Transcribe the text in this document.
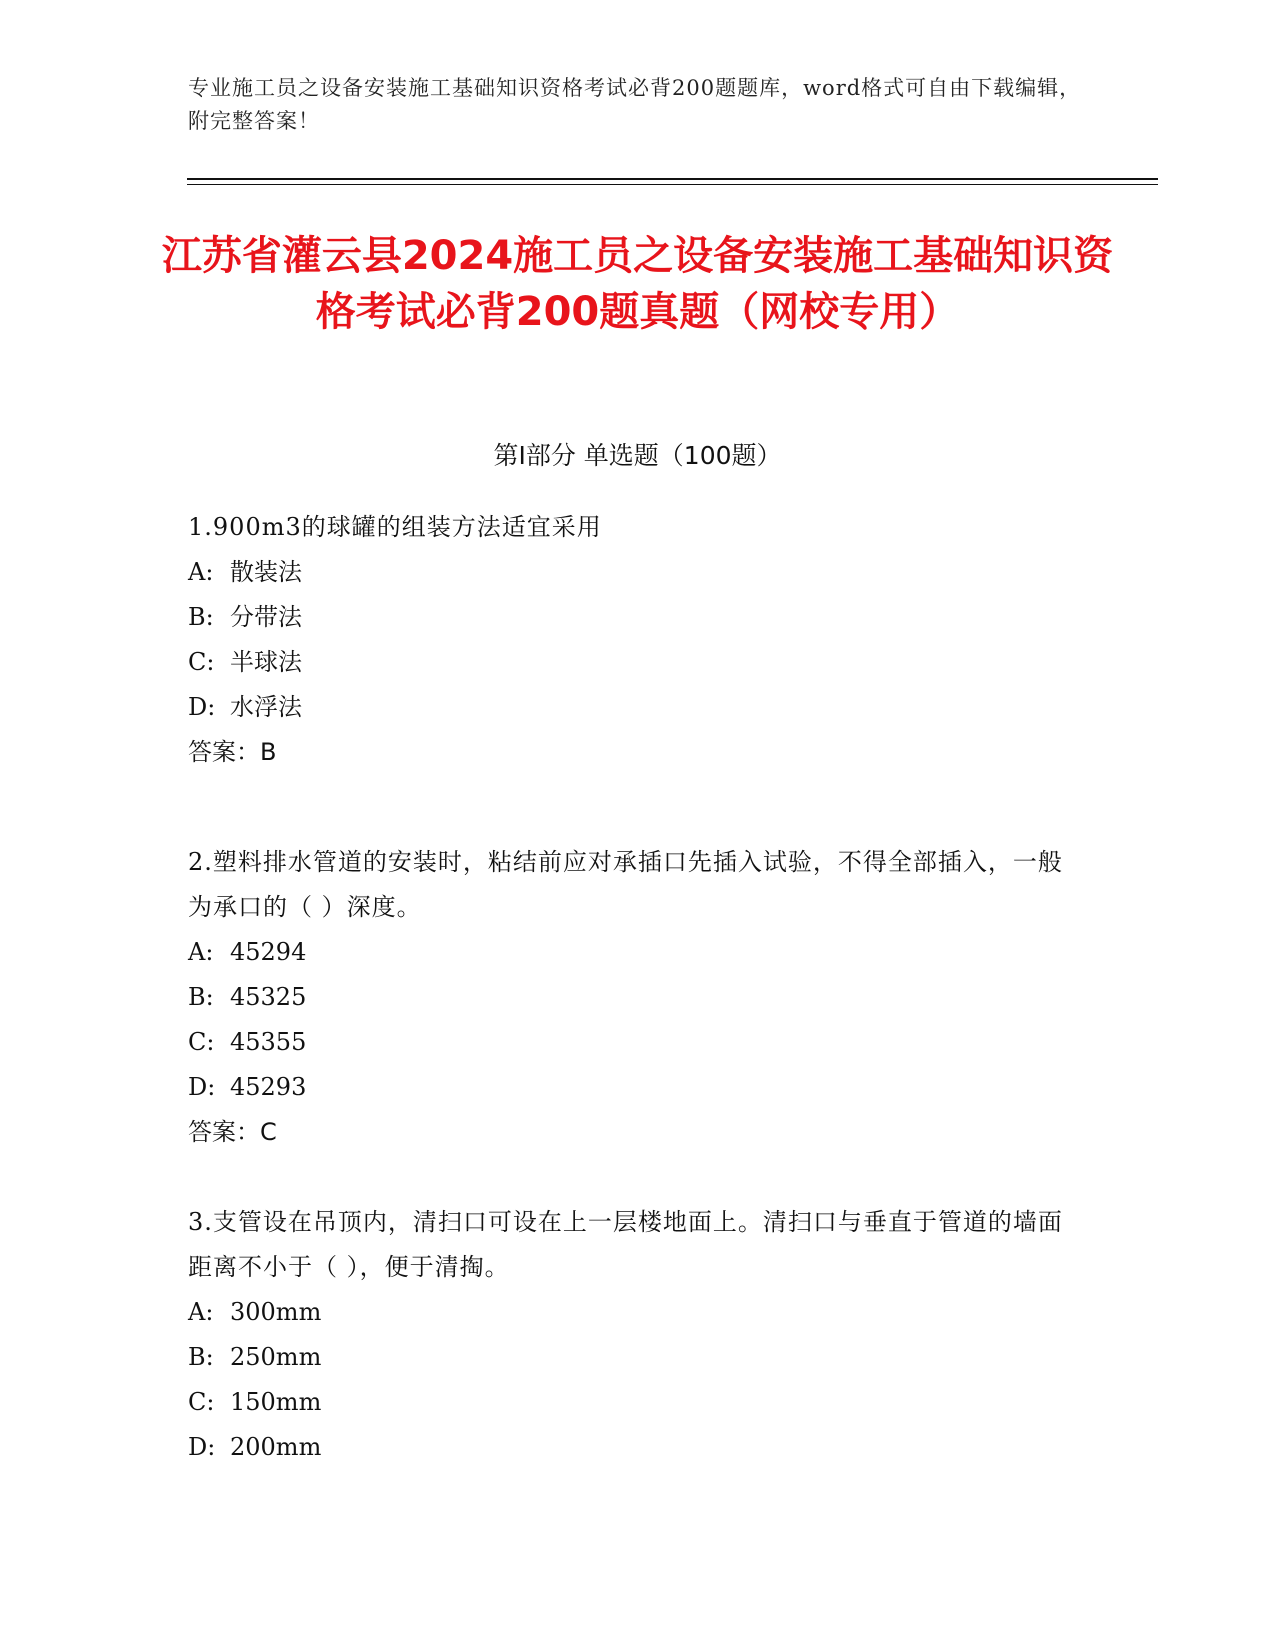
专业施工员之设备安装施工基础知识资格考试必背200题题库，word格式可自由下载编辑，附完整答案！
江苏省灌云县2024施工员之设备安装施工基础知识资格考试必背200题真题（网校专用）
第I部分 单选题（100题）

1.900m3的球罐的组装方法适宜采用

A: 散装法

B: 分带法

C: 半球法

D: 水浮法

答案：B

2.塑料排水管道的安装时，粘结前应对承插口先插入试验，不得全部插入，一般为承口的（ ）深度。

A: 45294

B: 45325

C: 45355

D: 45293

答案：C

3.支管设在吊顶内，清扫口可设在上一层楼地面上。清扫口与垂直于管道的墙面距离不小于（ ），便于清掏。

A: 300mm

B: 250mm

C: 150mm

D: 200mm
